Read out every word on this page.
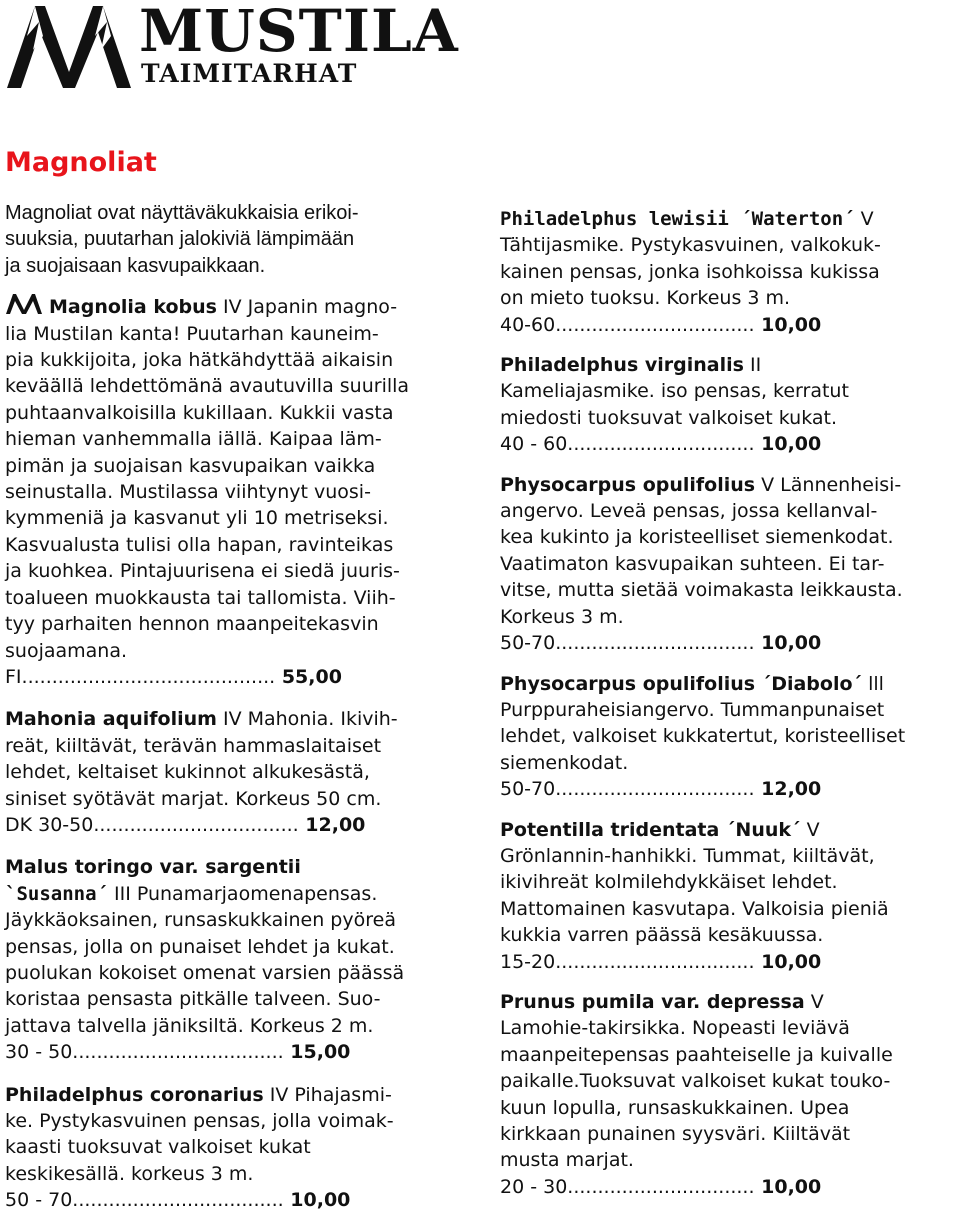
MUSTILA
TAIMITARHAT
Magnoliat
Magnoliat ovat näyttäväkukkaisia erikoi-
suuksia, puutarhan jalokiviä lämpimään
ja suojaisaan kasvupaikkaan.
Magnolia kobus IV Japanin magno-
lia Mustilan kanta! Puutarhan kauneim-
pia kukkijoita, joka hätkähdyttää aikaisin
keväällä lehdettömänä avautuvilla suurilla
puhtaanvalkoisilla kukillaan. Kukkii vasta
hieman vanhemmalla iällä. Kaipaa läm-
pimän ja suojaisan kasvupaikan vaikka
seinustalla. Mustilassa viihtynyt vuosi-
kymmeniä ja kasvanut yli 10 metriseksi.
Kasvualusta tulisi olla hapan, ravinteikas
ja kuohkea. Pintajuurisena ei siedä juuris-
toalueen muokkausta tai tallomista. Viih-
tyy parhaiten hennon maanpeitekasvin
suojaamana.
FI.......................................... 55,00
Mahonia aquifolium IV Mahonia. Ikivih-
reät, kiiltävät, terävän hammaslaitaiset
lehdet, keltaiset kukinnot alkukesästä,
siniset syötävät marjat. Korkeus 50 cm.
DK 30-50.................................. 12,00
Malus toringo var. sargentii
`Susanna´ III Punamarjaomenapensas.
Jäykkäoksainen, runsaskukkainen pyöreä
pensas, jolla on punaiset lehdet ja kukat.
puolukan kokoiset omenat varsien päässä
koristaa pensasta pitkälle talveen. Suo-
jattava talvella jäniksiltä. Korkeus 2 m.
30 - 50................................... 15,00
Philadelphus coronarius IV Pihajasmi-
ke. Pystykasvuinen pensas, jolla voimak-
kaasti tuoksuvat valkoiset kukat
keskikesällä. korkeus 3 m.
50 - 70................................... 10,00
Philadelphus lewisii ´Waterton´ V
Tähtijasmike. Pystykasvuinen, valkokuk-
kainen pensas, jonka isohkoissa kukissa
on mieto tuoksu. Korkeus 3 m.
40-60................................. 10,00
Philadelphus virginalis II
Kameliajasmike. iso pensas, kerratut
miedosti tuoksuvat valkoiset kukat.
40 - 60............................... 10,00
Physocarpus opulifolius V Lännenheisi-
angervo. Leveä pensas, jossa kellanval-
kea kukinto ja koristeelliset siemenkodat.
Vaatimaton kasvupaikan suhteen. Ei tar-
vitse, mutta sietää voimakasta leikkausta.
Korkeus 3 m.
50-70................................. 10,00
Physocarpus opulifolius ´Diabolo´ lll
Purppuraheisiangervo. Tummanpunaiset
lehdet, valkoiset kukkatertut, koristeelliset
siemenkodat.
50-70................................. 12,00
Potentilla tridentata ´Nuuk´ V
Grönlannin-hanhikki. Tummat, kiiltävät,
ikivihreät kolmilehdykkäiset lehdet.
Mattomainen kasvutapa. Valkoisia pieniä
kukkia varren päässä kesäkuussa.
15-20................................. 10,00
Prunus pumila var. depressa V
Lamohie-takirsikka. Nopeasti leviävä
maanpeitepensas paahteiselle ja kuivalle
paikalle.Tuoksuvat valkoiset kukat touko-
kuun lopulla, runsaskukkainen. Upea
kirkkaan punainen syysväri. Kiiltävät
musta marjat.
20 - 30............................... 10,00
